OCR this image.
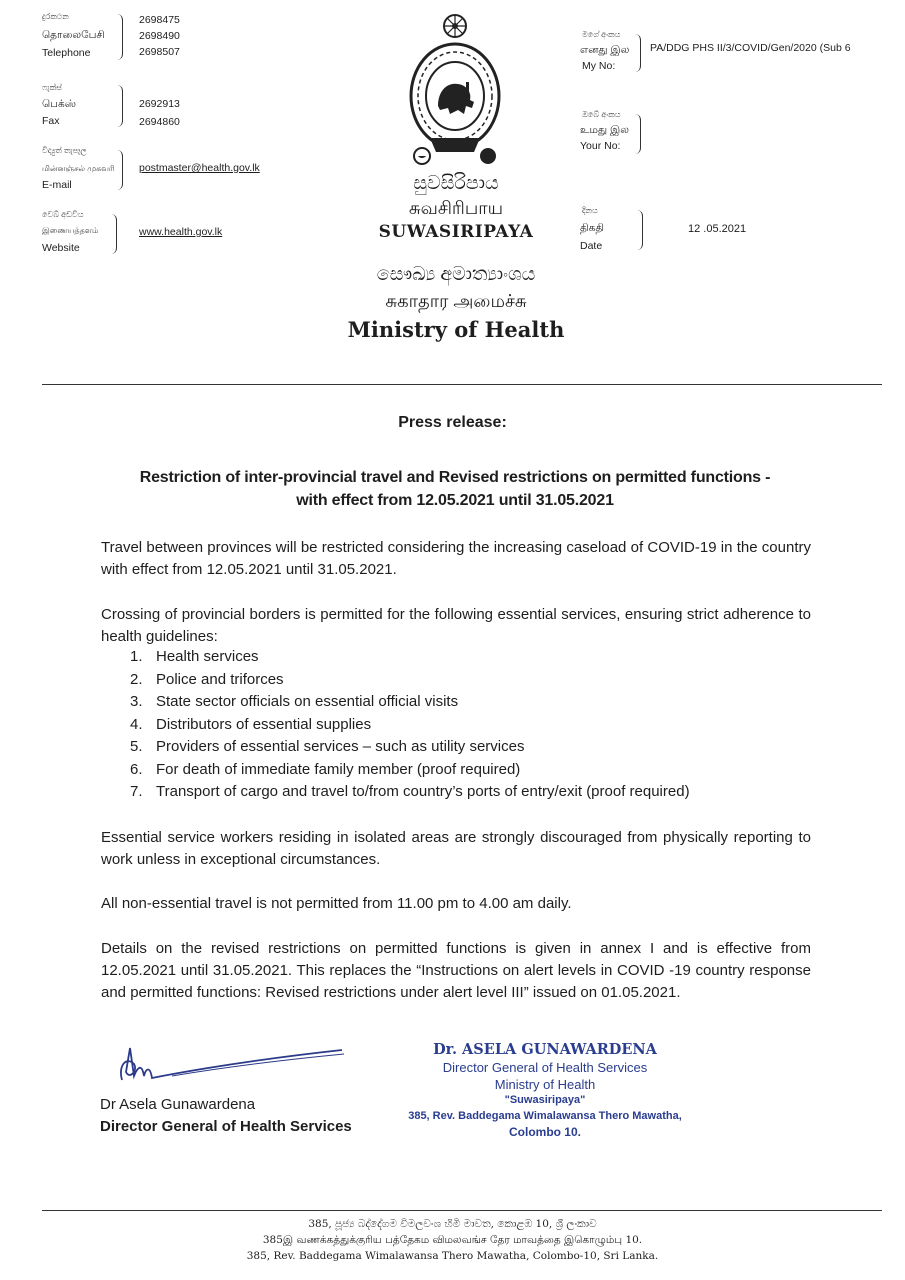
දුරකථන
தொலைபேசி
Telephone
2698475
2698490
2698507
ෆැක්ස්
பெக்ஸ்
Fax
2692913
2694860
විද්‍යුත් තැපෑල
மின்னஞ்சல் முகவரி
E-mail
postmaster@health.gov.lk
වෙබ් අඩවිය
இணையத்தளம்
Website
www.health.gov.lk
සුවසිරිපාය
சுவசிரிபாய
SUWASIRIPAYA
සෞඛ්‍ය අමාත්‍යාංශය
சுகாதார அமைச்சு
Ministry of Health
මගේ අංකය
எனது இல
My No:
PA/DDG PHS II/3/COVID/Gen/2020 (Sub 6
ඔබේ අංකය
உமது இல
Your No:
දිනය
திகதி
Date
12 .05.2021
Press release:
Restriction of inter-provincial travel and Revised restrictions on permitted functions -
with effect from 12.05.2021 until 31.05.2021
Travel between provinces will be restricted considering the increasing caseload of COVID-19 in the country with effect from 12.05.2021 until 31.05.2021.
Crossing of provincial borders is permitted for the following essential services, ensuring strict adherence to health guidelines:
1. Health services
2. Police and triforces
3. State sector officials on essential official visits
4. Distributors of essential supplies
5. Providers of essential services – such as utility services
6. For death of immediate family member (proof required)
7. Transport of cargo and travel to/from country’s ports of entry/exit (proof required)
Essential service workers residing in isolated areas are strongly discouraged from physically reporting to work unless in exceptional circumstances.
All non-essential travel is not permitted from 11.00 pm to 4.00 am daily.
Details on the revised restrictions on permitted functions is given in annex I and is effective from 12.05.2021 until 31.05.2021. This replaces the “Instructions on alert levels in COVID -19 country response and permitted functions: Revised restrictions under alert level III” issued on 01.05.2021.
Dr Asela Gunawardena
Director General of Health Services
Dr. ASELA GUNAWARDENA
Director General of Health Services
Ministry of Health
"Suwasiripaya"
385, Rev. Baddegama Wimalawansa Thero Mawatha,
Colombo 10.
385, පූජ්‍ය බද්දේගම විමලවංශ හිමි මාවත, කොළඹ 10, ශ්‍රී ලංකාව
385இ வணக்கத்துக்குரிய பத்தேகம விமலவங்ச தேர மாவத்தை இகொழும்பு 10.
385, Rev. Baddegama Wimalawansa Thero Mawatha, Colombo-10, Sri Lanka.
